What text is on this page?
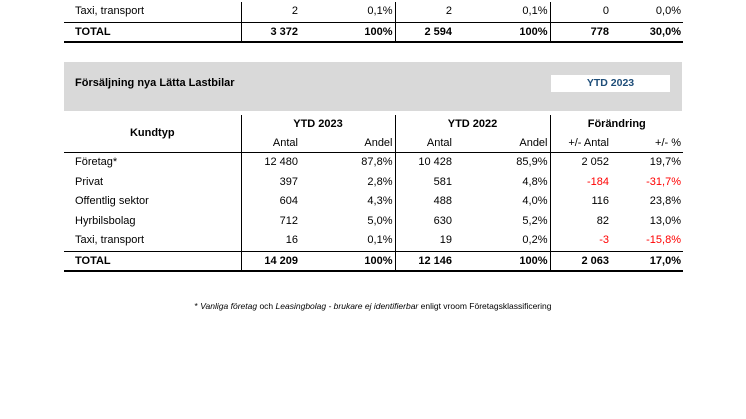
Taxi, transport	2	0,1%	2	0,1%	0	0,0%
TOTAL	3 372	100%	2 594	100%	778	30,0%
Försäljning nya Lätta Lastbilar	YTD 2023
Kundtyp	YTD 2023		YTD 2022		Förändring	
	Antal	Andel	Antal	Andel	+/- Antal	+/- %
Företag*	12 480	87,8%	10 428	85,9%	2 052	19,7%
Privat	397	2,8%	581	4,8%	-184	-31,7%
Offentlig sektor	604	4,3%	488	4,0%	116	23,8%
Hyrbilsbolag	712	5,0%	630	5,2%	82	13,0%
Taxi, transport	16	0,1%	19	0,2%	-3	-15,8%
TOTAL	14 209	100%	12 146	100%	2 063	17,0%
* Vanliga företag och Leasingbolag - brukare ej identifierbar enligt vroom Företagsklassificering
